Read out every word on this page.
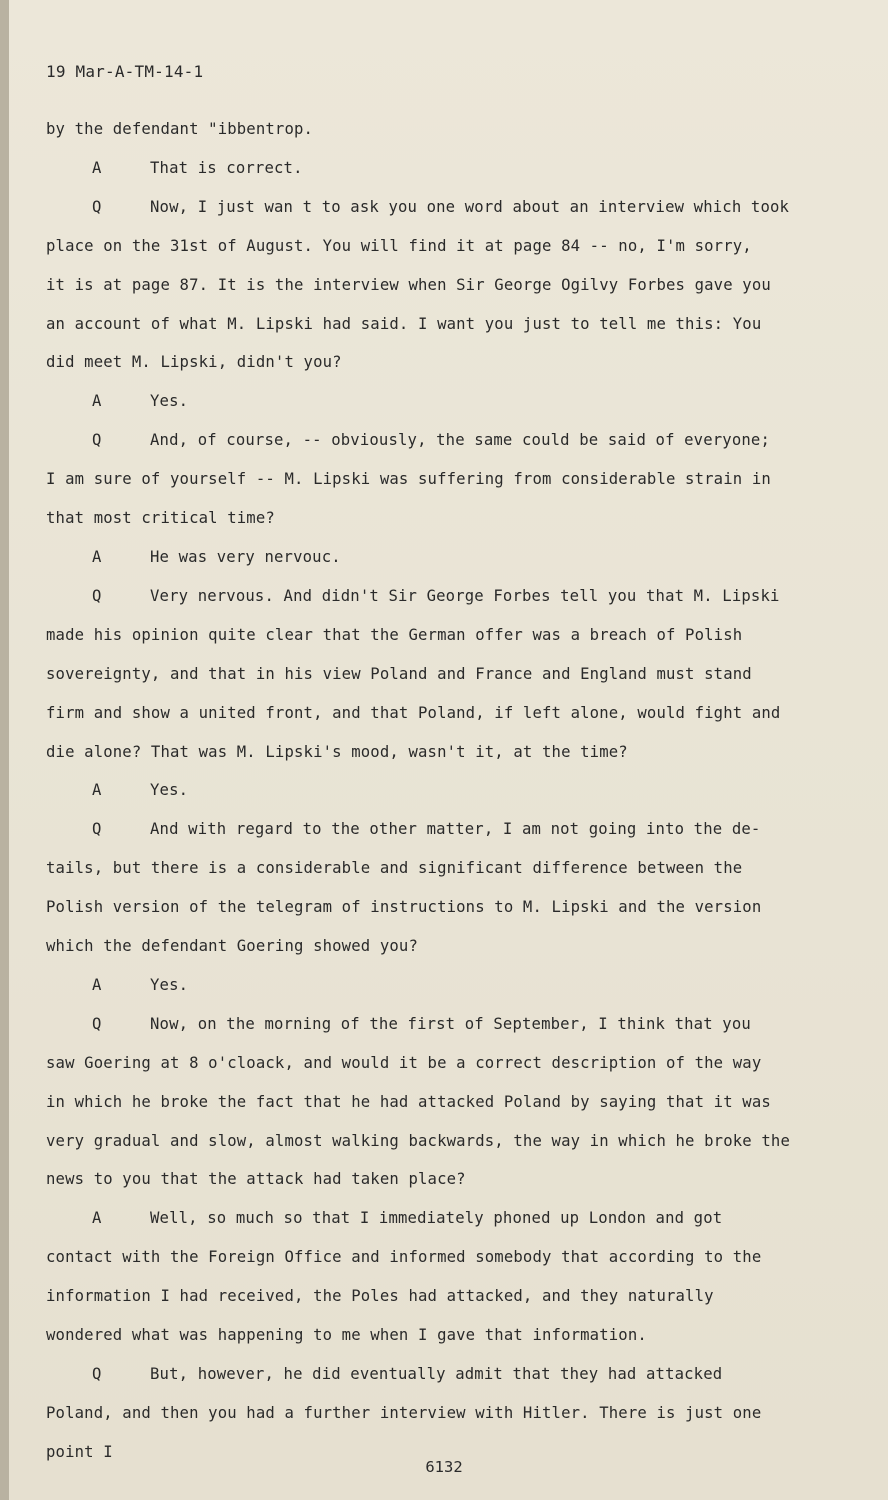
19 Mar-A-TM-14-1
by the defendant "ibbentrop.
A	That is correct.
Q	Now, I just wan t to ask you one word about an interview which took
place on the 31st of August. You will find it at page 84 -- no, I'm sorry,
it is at page 87. It is the interview when Sir George Ogilvy Forbes gave you
an account of what M. Lipski had said. I want you just to tell me this: You
did meet M. Lipski, didn't you?
A	Yes.
Q	And, of course, -- obviously, the same could be said of everyone;
I am sure of yourself -- M. Lipski was suffering from considerable strain in
that most critical time?
A	He was very nervouc.
Q	Very nervous. And didn't Sir George Forbes tell you that M. Lipski
made his opinion quite clear that the German offer was a breach of Polish
sovereignty, and that in his view Poland and France and England must stand
firm and show a united front, and that Poland, if left alone, would fight and
die alone? That was M. Lipski's mood, wasn't it, at the time?
A	Yes.
Q	And with regard to the other matter, I am not going into the de-
tails, but there is a considerable and significant difference between the
Polish version of the telegram of instructions to M. Lipski and the version
which the defendant Goering showed you?
A	Yes.
Q	Now, on the morning of the first of September, I think that you
saw Goering at 8 o'cloack, and would it be a correct description of the way
in which he broke the fact that he had attacked Poland by saying that it was
very gradual and slow, almost walking backwards, the way in which he broke the
news to you that the attack had taken place?
A	Well, so much so that I immediately phoned up London and got
contact with the Foreign Office and informed somebody that according to the
information I had received, the Poles had attacked, and they naturally
wondered what was happening to me when I gave that information.
Q	But, however, he did eventually admit that they had attacked
Poland, and then you had a further interview with Hitler. There is just one
point I
6132
